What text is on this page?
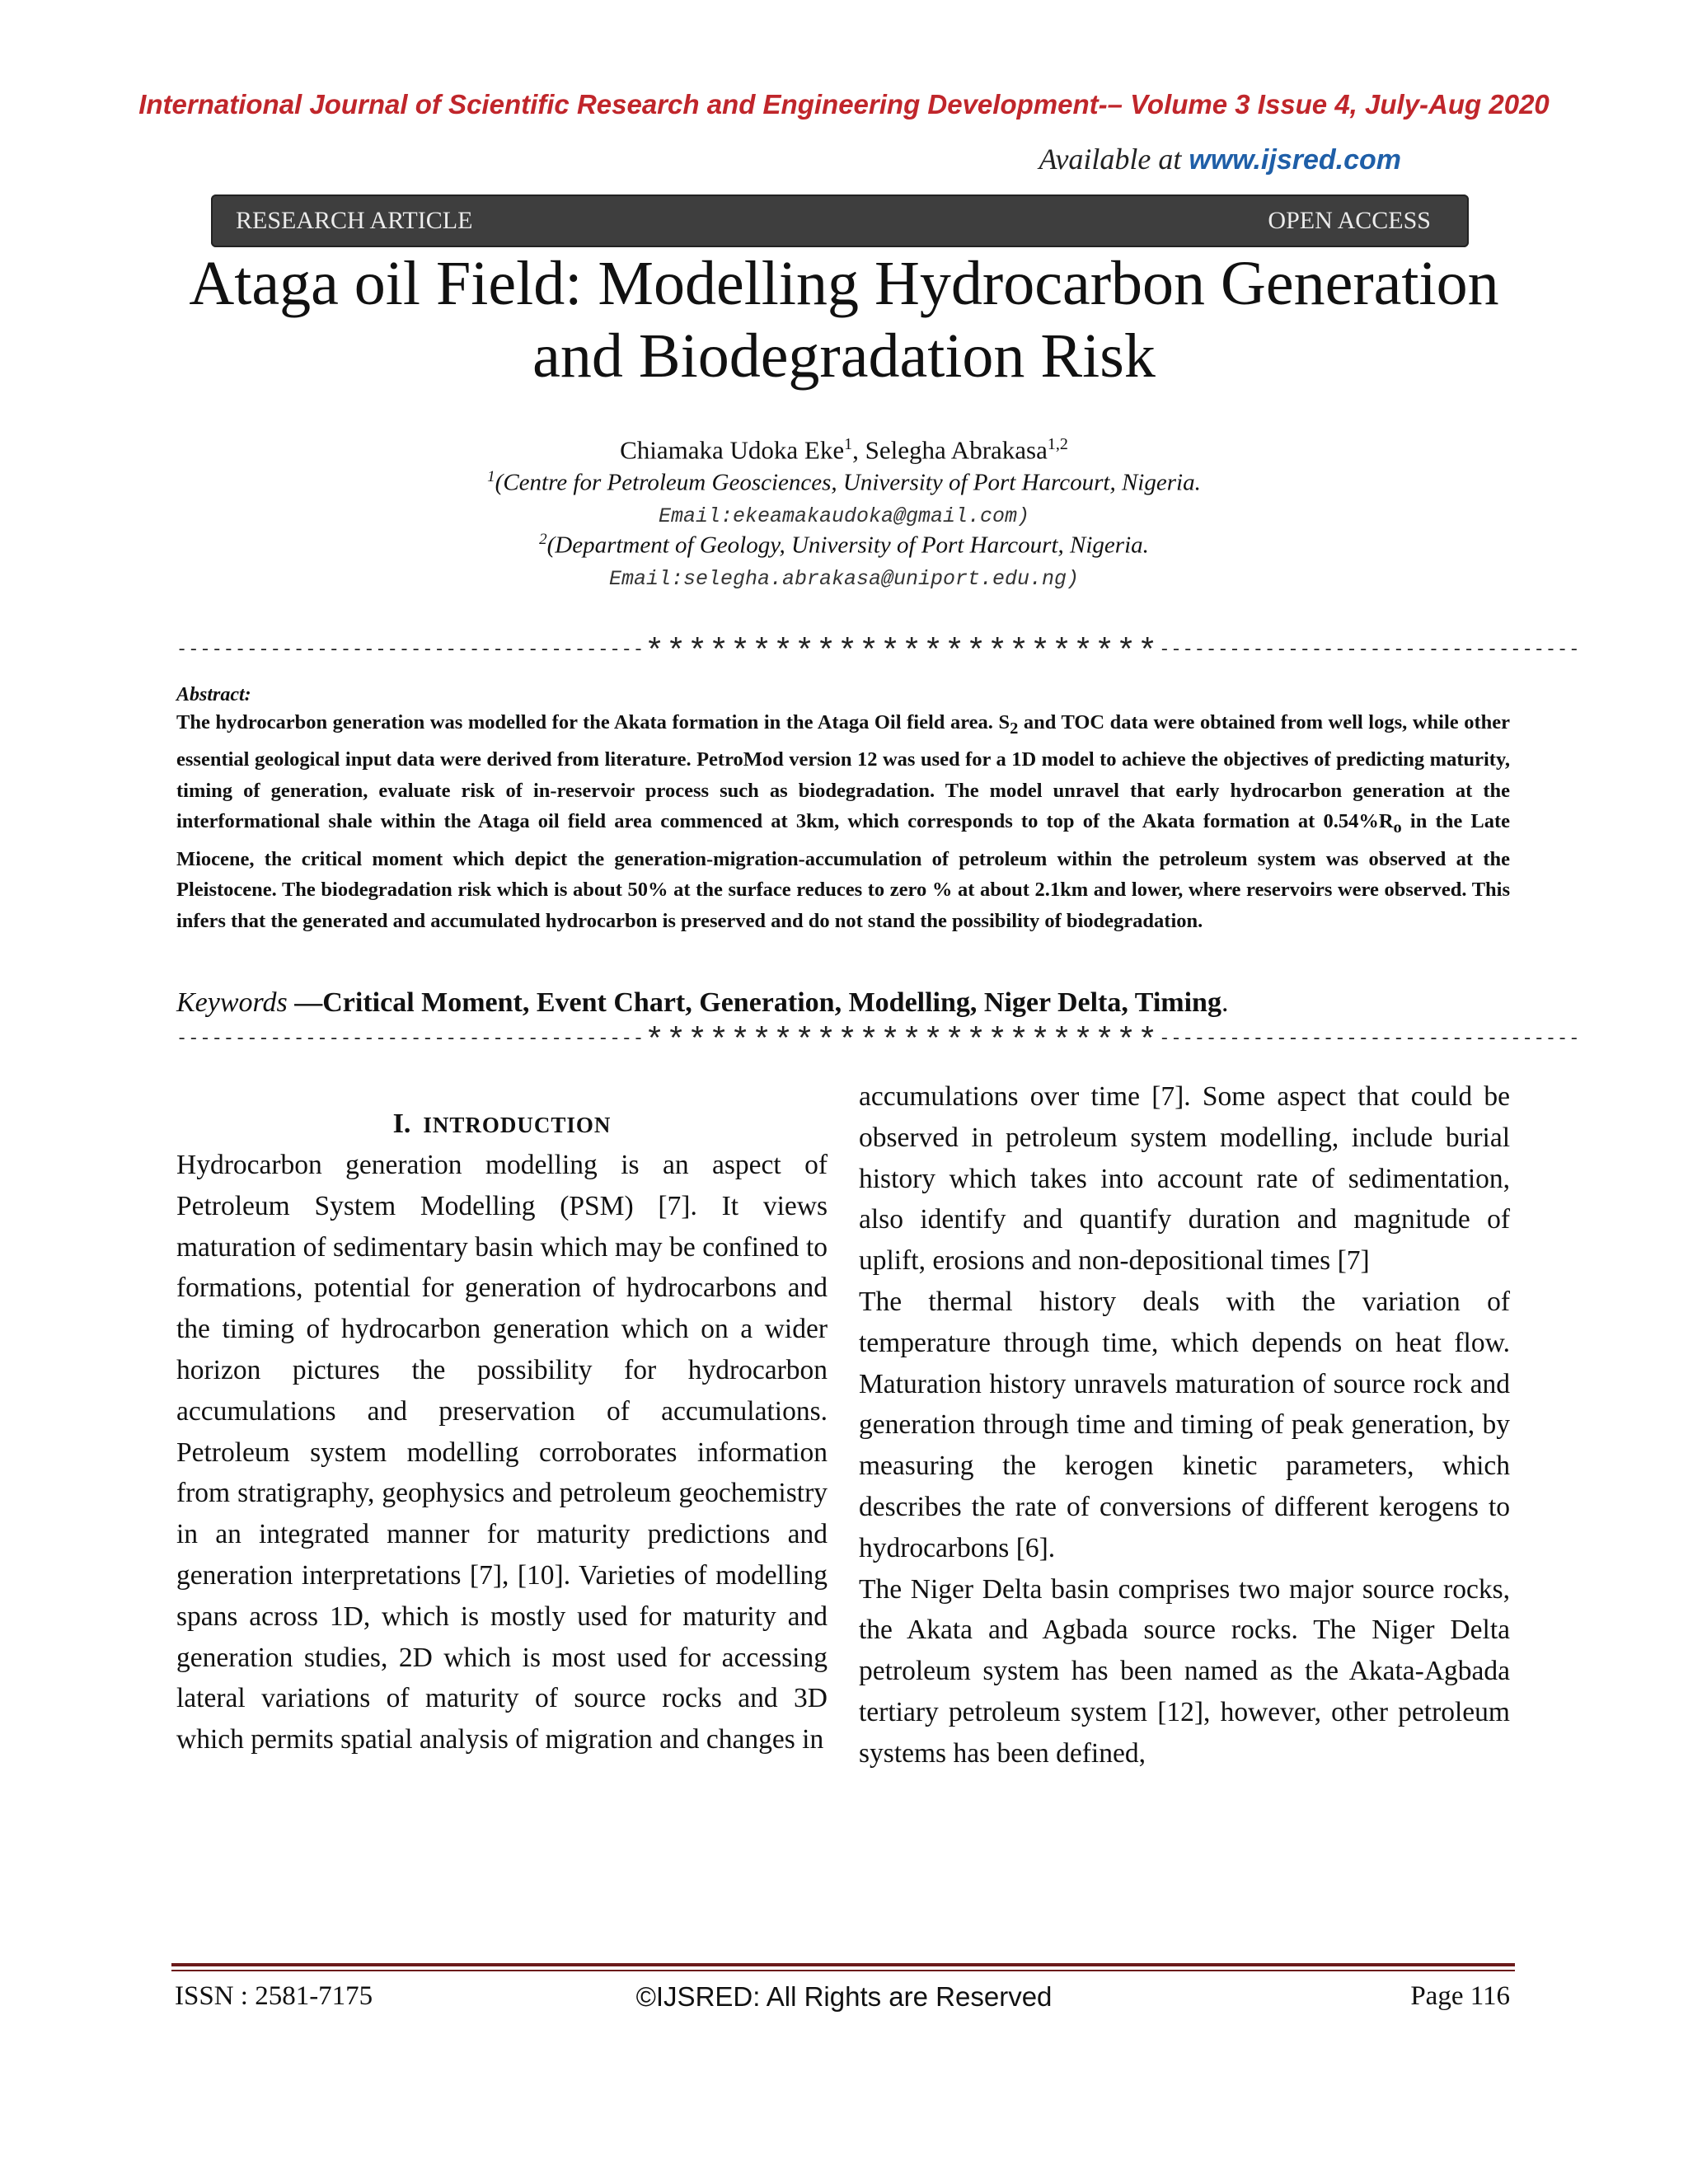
International Journal of Scientific Research and Engineering Development-– Volume 3 Issue 4, July-Aug 2020
Available at www.ijsred.com
RESEARCH ARTICLE	OPEN ACCESS
Ataga oil Field: Modelling Hydrocarbon Generation
and Biodegradation Risk
Chiamaka Udoka Eke$^1$, Selegha Abrakasa$^{1,2}$
$^1$(Centre for Petroleum Geosciences, University of Port Harcourt, Nigeria.
Email:ekeamakaudoka@gmail.com)
$^2$(Department of Geology, University of Port Harcourt, Nigeria.
Email:selegha.abrakasa@uniport.edu.ng)
----------------------------------------************************------------------------------------
Abstract:
The hydrocarbon generation was modelled for the Akata formation in the Ataga Oil field area. $S_2$ and TOC data were obtained from well logs, while other essential geological input data were derived from literature. PetroMod version 12 was used for a 1D model to achieve the objectives of predicting maturity, timing of generation, evaluate risk of in-reservoir process such as biodegradation. The model unravel that early hydrocarbon generation at the interformational shale within the Ataga oil field area commenced at 3km, which corresponds to top of the Akata formation at $0.54\%R_o$ in the Late Miocene, the critical moment which depict the generation-migration-accumulation of petroleum within the petroleum system was observed at the Pleistocene. The biodegradation risk which is about 50% at the surface reduces to zero % at about 2.1km and lower, where reservoirs were observed. This infers that the generated and accumulated hydrocarbon is preserved and do not stand the possibility of biodegradation.
Keywords —Critical Moment, Event Chart, Generation, Modelling, Niger Delta, Timing.
----------------------------------------************************------------------------------------

I. INTRODUCTION

Hydrocarbon generation modelling is an aspect of Petroleum System Modelling (PSM) [7]. It views maturation of sedimentary basin which may be confined to formations, potential for generation of hydrocarbons and the timing of hydrocarbon generation which on a wider horizon pictures the possibility for hydrocarbon accumulations and preservation of accumulations. Petroleum system modelling corroborates information from stratigraphy, geophysics and petroleum geochemistry in an integrated manner for maturity predictions and generation interpretations [7], [10]. Varieties of modelling spans across 1D, which is mostly used for maturity and generation studies, 2D which is most used for accessing lateral variations of maturity of source rocks and 3D which permits spatial analysis of migration and changes in

accumulations over time [7]. Some aspect that could be observed in petroleum system modelling, include burial history which takes into account rate of sedimentation, also identify and quantify duration and magnitude of uplift, erosions and non-depositional times [7]

The thermal history deals with the variation of temperature through time, which depends on heat flow. Maturation history unravels maturation of source rock and generation through time and timing of peak generation, by measuring the kerogen kinetic parameters, which describes the rate of conversions of different kerogens to hydrocarbons [6].

The Niger Delta basin comprises two major source rocks, the Akata and Agbada source rocks. The Niger Delta petroleum system has been named as the Akata-Agbada tertiary petroleum system [12], however, other petroleum systems has been defined,

ISSN : 2581-7175	©IJSRED: All Rights are Reserved	Page 116
